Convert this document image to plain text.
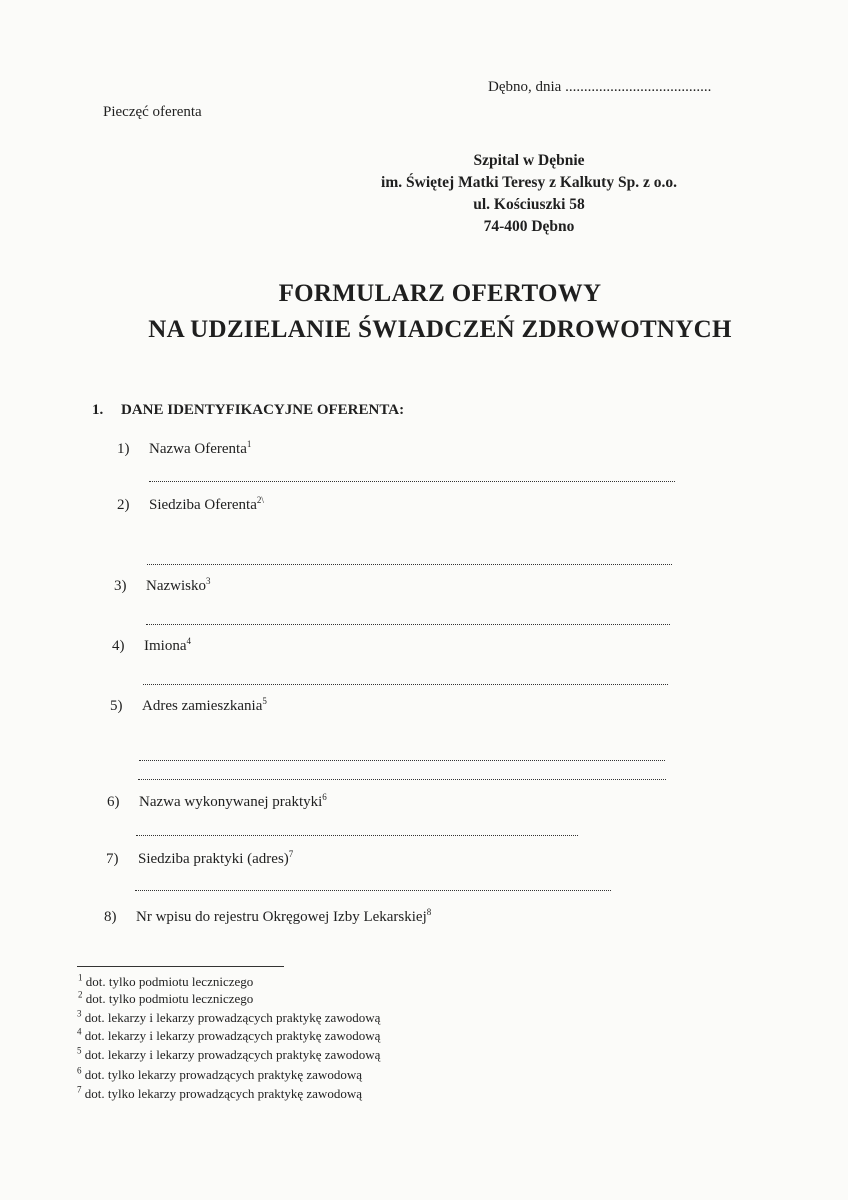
Dębno, dnia .......................................
Pieczęć oferenta
Szpital w Dębnie
im. Świętej Matki Teresy z Kalkuty Sp. z o.o.
ul. Kościuszki 58
74-400 Dębno
FORMULARZ OFERTOWY
NA UDZIELANIE ŚWIADCZEŃ ZDROWOTNYCH
1. DANE IDENTYFIKACYJNE OFERENTA:
1) Nazwa Oferenta$^1$
2) Siedziba Oferenta$^{2\backslash}$
3) Nazwisko$^3$
4) Imiona$^4$
5) Adres zamieszkania$^5$
6) Nazwa wykonywanej praktyki$^6$
7) Siedziba praktyki (adres)$^7$
8) Nr wpisu do rejestru Okręgowej Izby Lekarskiej$^8$
$^1$ dot. tylko podmiotu leczniczego
$^2$ dot. tylko podmiotu leczniczego
$^3$ dot. lekarzy i lekarzy prowadzących praktykę zawodową
$^4$ dot. lekarzy i lekarzy prowadzących praktykę zawodową
$^5$ dot. lekarzy i lekarzy prowadzących praktykę zawodową
$^6$ dot. tylko lekarzy prowadzących praktykę zawodową
$^7$ dot. tylko lekarzy prowadzących praktykę zawodową
